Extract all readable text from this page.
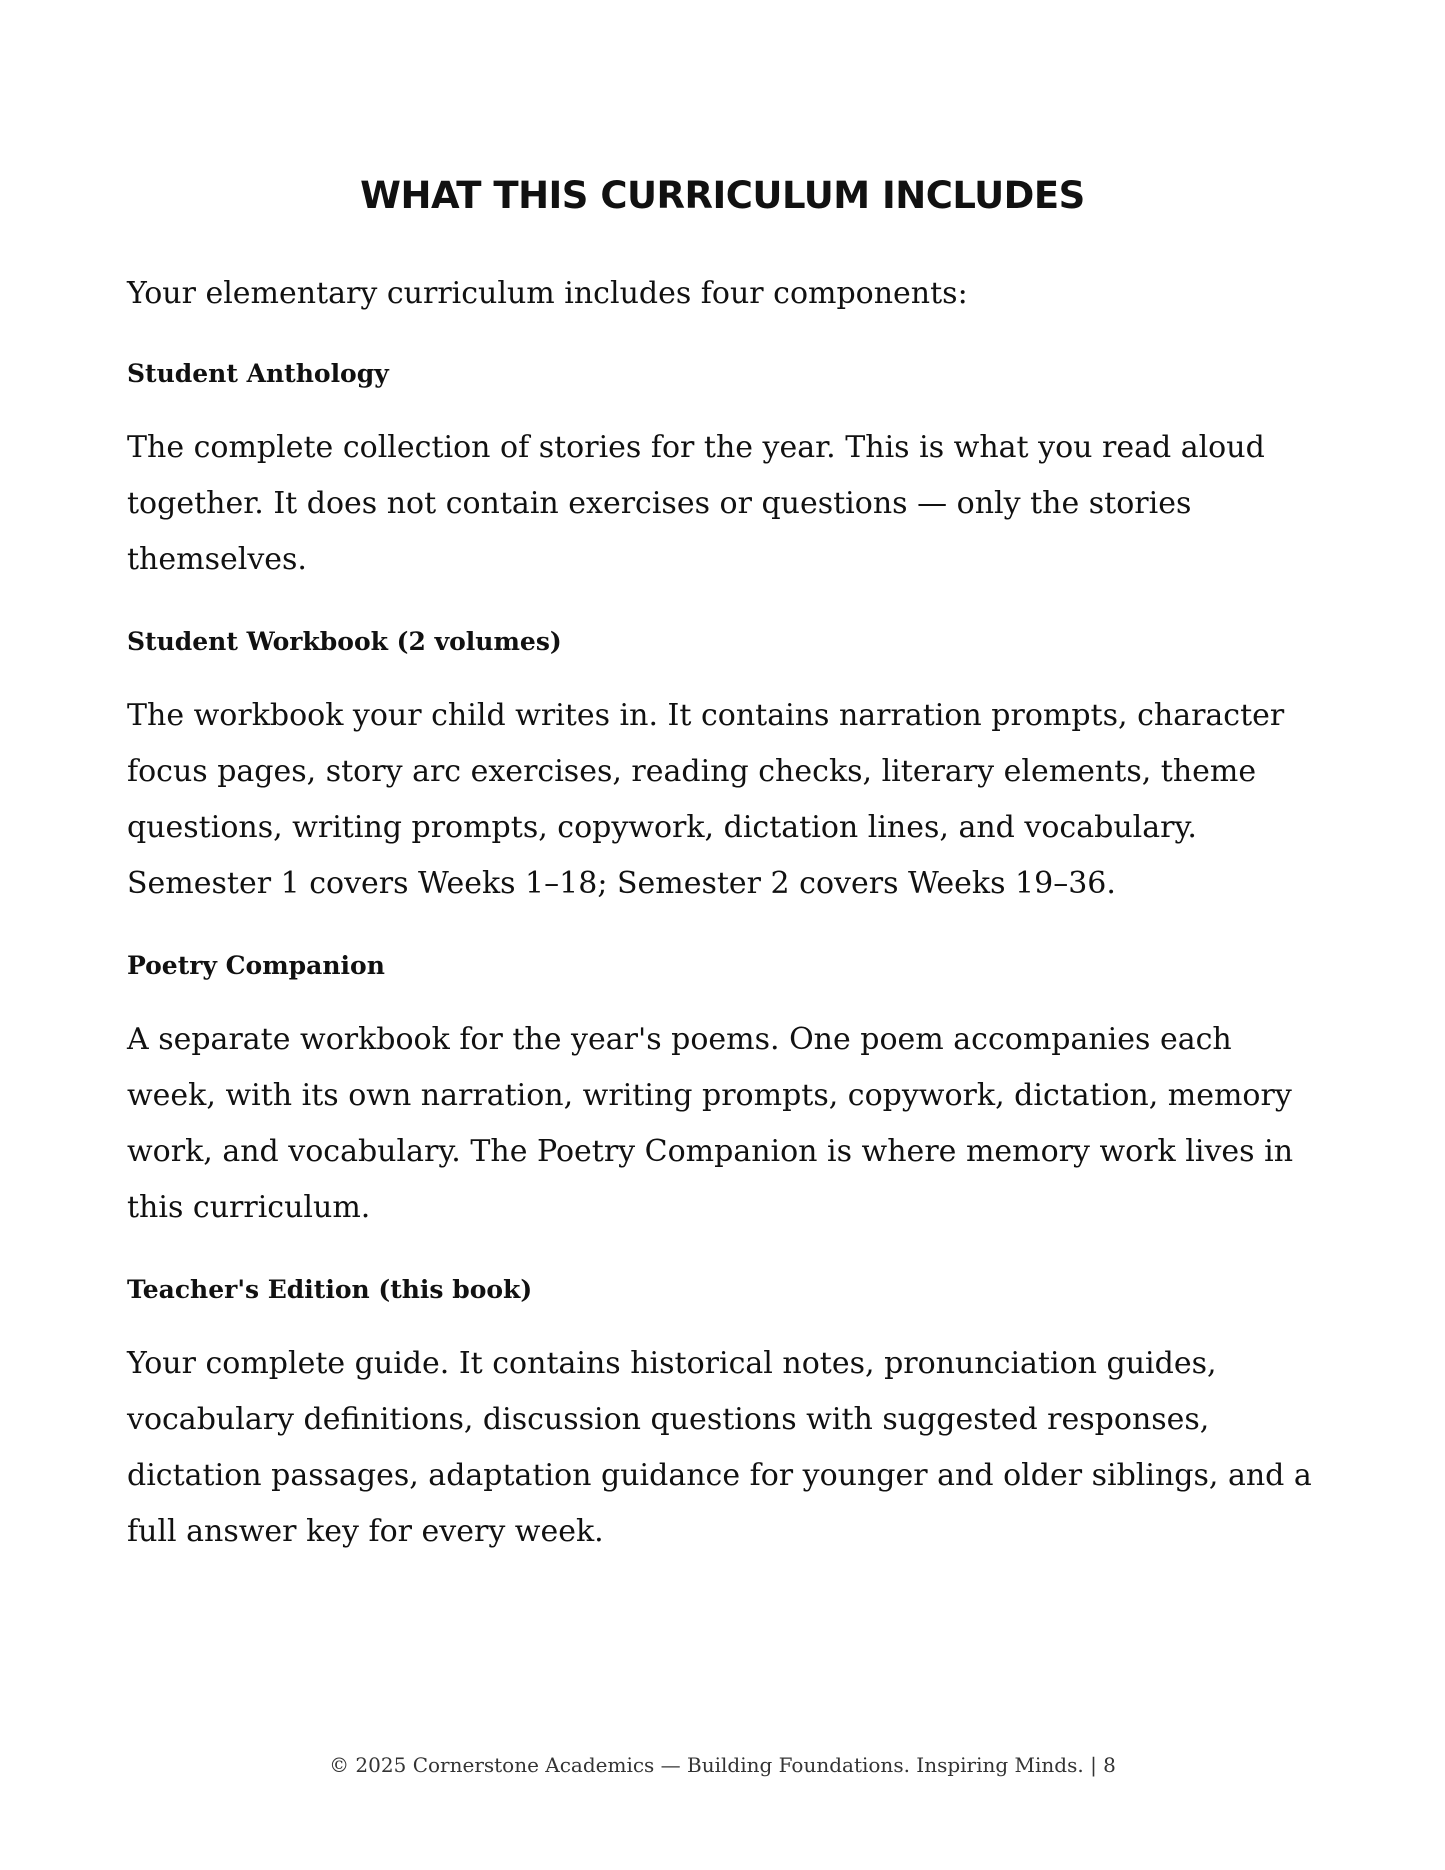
WHAT THIS CURRICULUM INCLUDES

Your elementary curriculum includes four components:

Student Anthology

The complete collection of stories for the year. This is what you read aloud together. It does not contain exercises or questions — only the stories themselves.

Student Workbook (2 volumes)

The workbook your child writes in. It contains narration prompts, character focus pages, story arc exercises, reading checks, literary elements, theme questions, writing prompts, copywork, dictation lines, and vocabulary. Semester 1 covers Weeks 1–18; Semester 2 covers Weeks 19–36.

Poetry Companion

A separate workbook for the year's poems. One poem accompanies each week, with its own narration, writing prompts, copywork, dictation, memory work, and vocabulary. The Poetry Companion is where memory work lives in this curriculum.

Teacher's Edition (this book)

Your complete guide. It contains historical notes, pronunciation guides, vocabulary definitions, discussion questions with suggested responses, dictation passages, adaptation guidance for younger and older siblings, and a full answer key for every week.

© 2025 Cornerstone Academics — Building Foundations. Inspiring Minds. | 8
